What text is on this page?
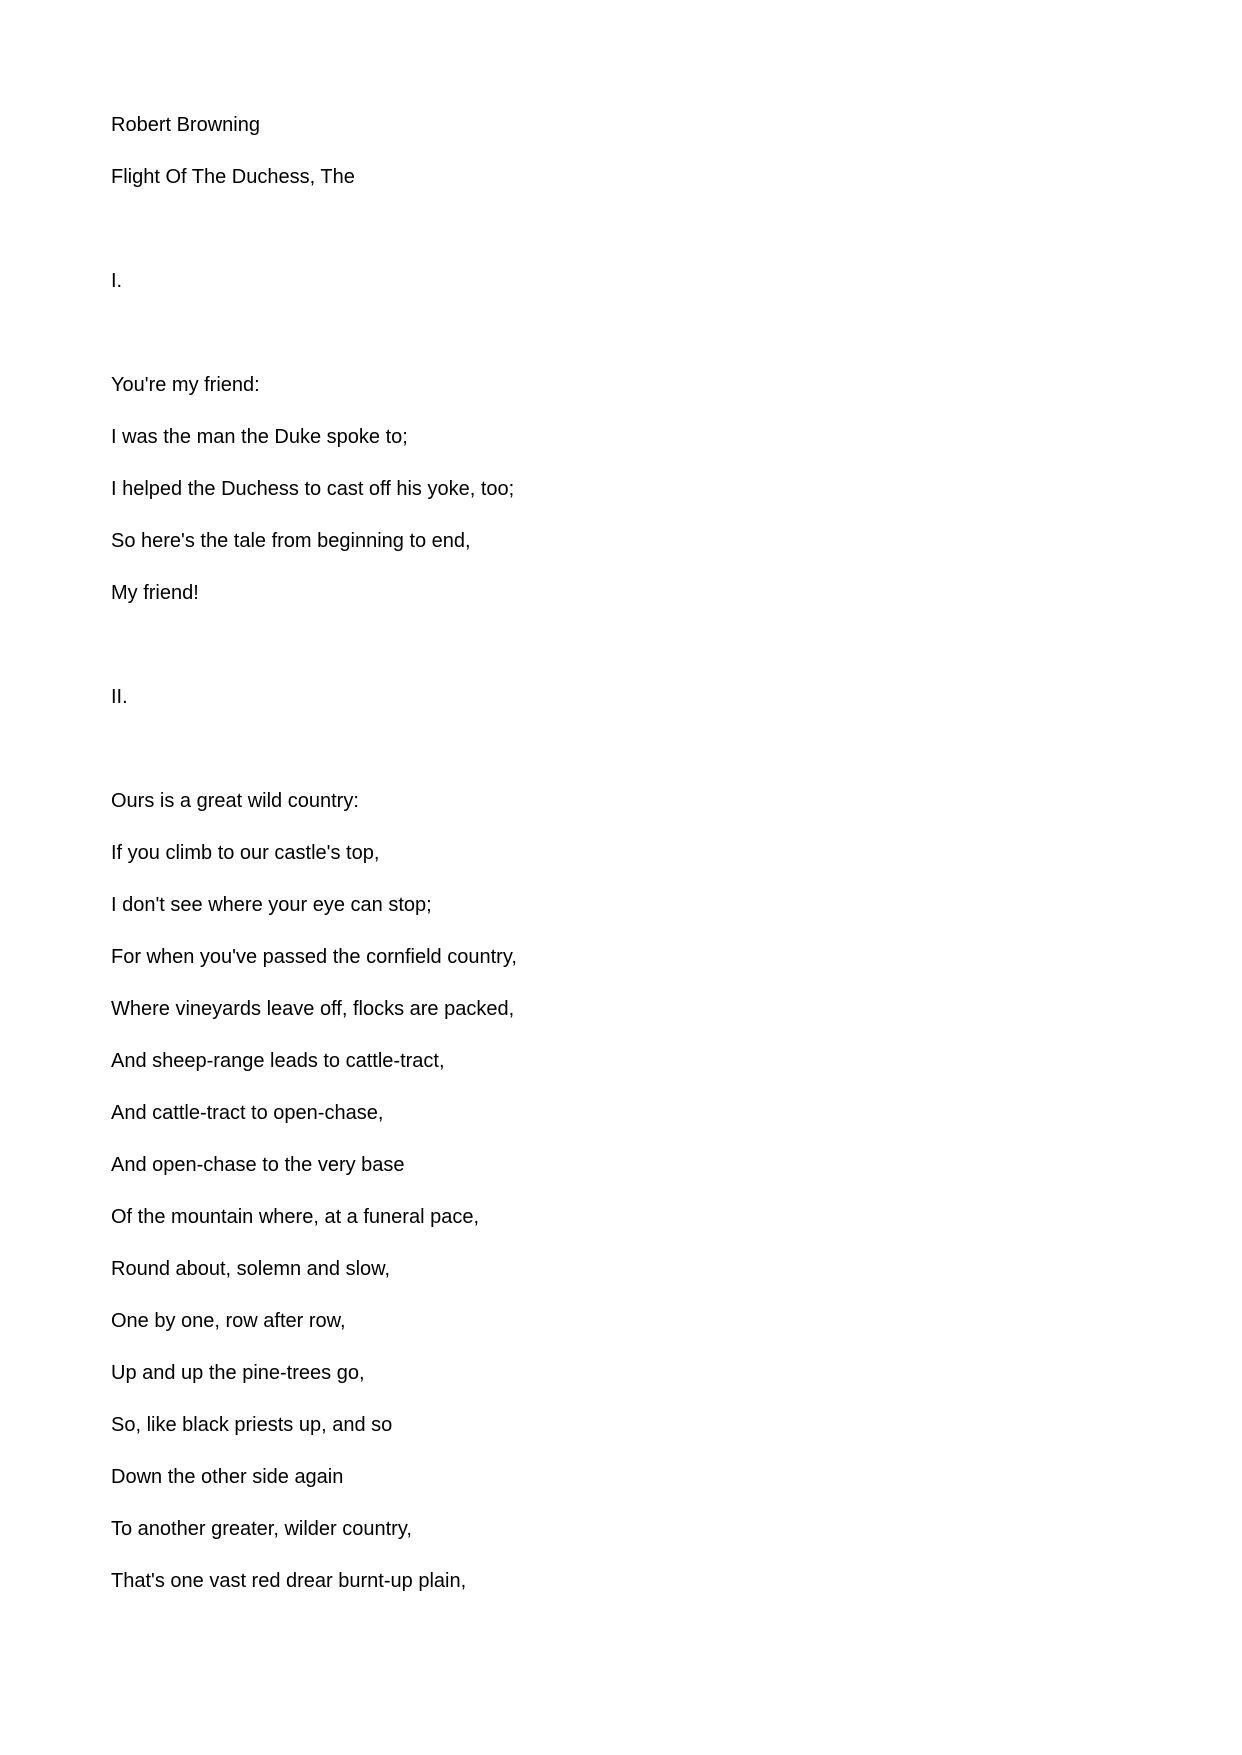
Robert Browning

Flight Of The Duchess, The

I.

You're my friend:

I was the man the Duke spoke to;

I helped the Duchess to cast off his yoke, too;

So here's the tale from beginning to end,

My friend!

II.

Ours is a great wild country:

If you climb to our castle's top,

I don't see where your eye can stop;

For when you've passed the cornfield country,

Where vineyards leave off, flocks are packed,

And sheep-range leads to cattle-tract,

And cattle-tract to open-chase,

And open-chase to the very base

Of the mountain where, at a funeral pace,

Round about, solemn and slow,

One by one, row after row,

Up and up the pine-trees go,

So, like black priests up, and so

Down the other side again

To another greater, wilder country,

That's one vast red drear burnt-up plain,
